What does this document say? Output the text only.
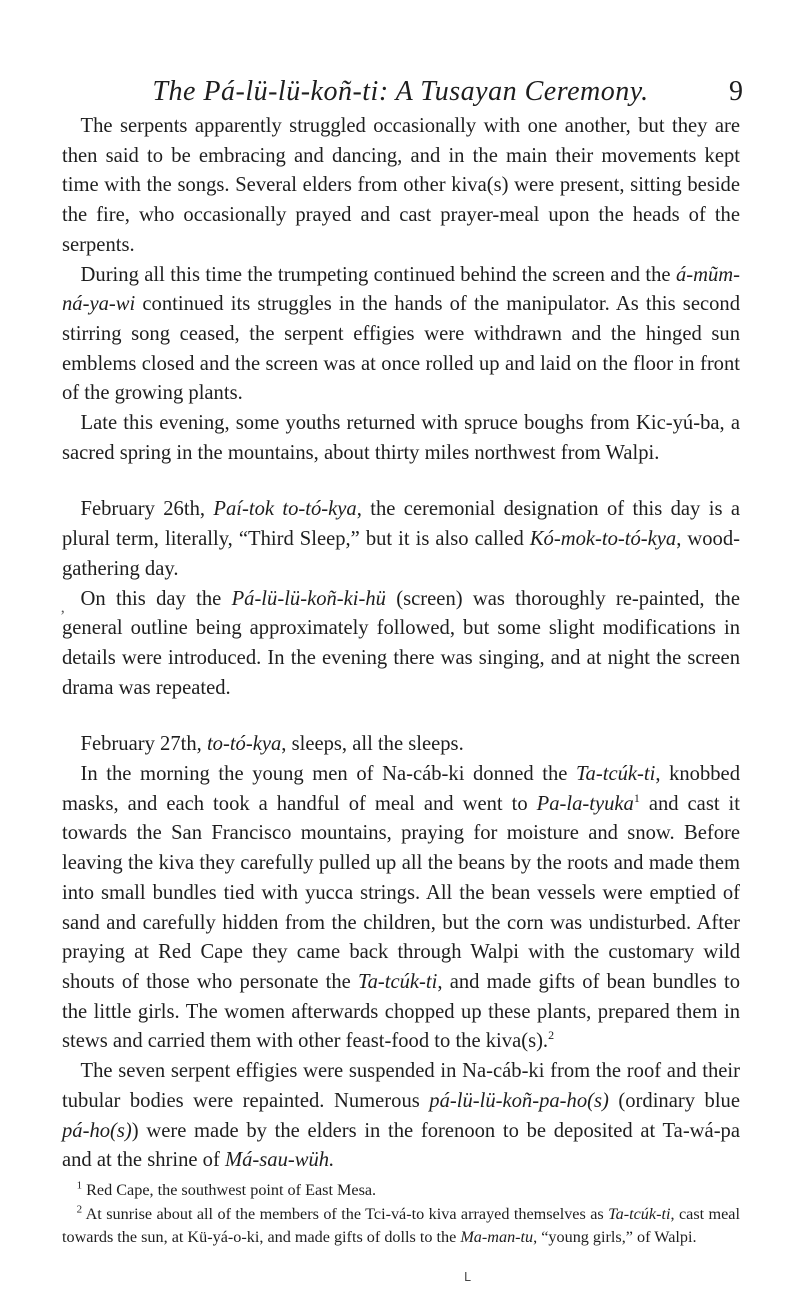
The Pá-lü-lü-koñ-ti: A Tusayan Ceremony.	9

The serpents apparently struggled occasionally with one another, but they are then said to be embracing and dancing, and in the main their movements kept time with the songs. Several elders from other kiva(s) were present, sitting beside the fire, who occasionally prayed and cast prayer-meal upon the heads of the serpents.

During all this time the trumpeting continued behind the screen and the á-mũm-ná-ya-wi continued its struggles in the hands of the manipulator. As this second stirring song ceased, the serpent effigies were withdrawn and the hinged sun emblems closed and the screen was at once rolled up and laid on the floor in front of the growing plants.

Late this evening, some youths returned with spruce boughs from Kic-yú-ba, a sacred spring in the mountains, about thirty miles northwest from Walpi.

February 26th, Paí-tok to-tó-kya, the ceremonial designation of this day is a plural term, literally, “Third Sleep,” but it is also called Kó-mok-to-tó-kya, wood-gathering day.

On this day the Pá-lü-lü-koñ-ki-hü (screen) was thoroughly re-painted, the general outline being approximately followed, but some slight modifications in details were introduced. In the evening there was singing, and at night the screen drama was repeated.

February 27th, to-tó-kya, sleeps, all the sleeps.

In the morning the young men of Na-cáb-ki donned the Ta-tcúk-ti, knobbed masks, and each took a handful of meal and went to Pa-la-tyuka$^1$ and cast it towards the San Francisco mountains, praying for moisture and snow. Before leaving the kiva they carefully pulled up all the beans by the roots and made them into small bundles tied with yucca strings. All the bean vessels were emptied of sand and carefully hidden from the children, but the corn was undisturbed. After praying at Red Cape they came back through Walpi with the customary wild shouts of those who personate the Ta-tcúk-ti, and made gifts of bean bundles to the little girls. The women afterwards chopped up these plants, prepared them in stews and carried them with other feast-food to the kiva(s).$^2$

The seven serpent effigies were suspended in Na-cáb-ki from the roof and their tubular bodies were repainted. Numerous pá-lü-lü-koñ-pa-ho(s) (ordinary blue pá-ho(s)) were made by the elders in the forenoon to be deposited at Ta-wá-pa and at the shrine of Má-sau-wüh.

$^1$ Red Cape, the southwest point of East Mesa.

$^2$ At sunrise about all of the members of the Tci-vá-to kiva arrayed themselves as Ta-tcúk-ti, cast meal towards the sun, at Kü-yá-o-ki, and made gifts of dolls to the Ma-man-tu, “young girls,” of Walpi.

‚
L
